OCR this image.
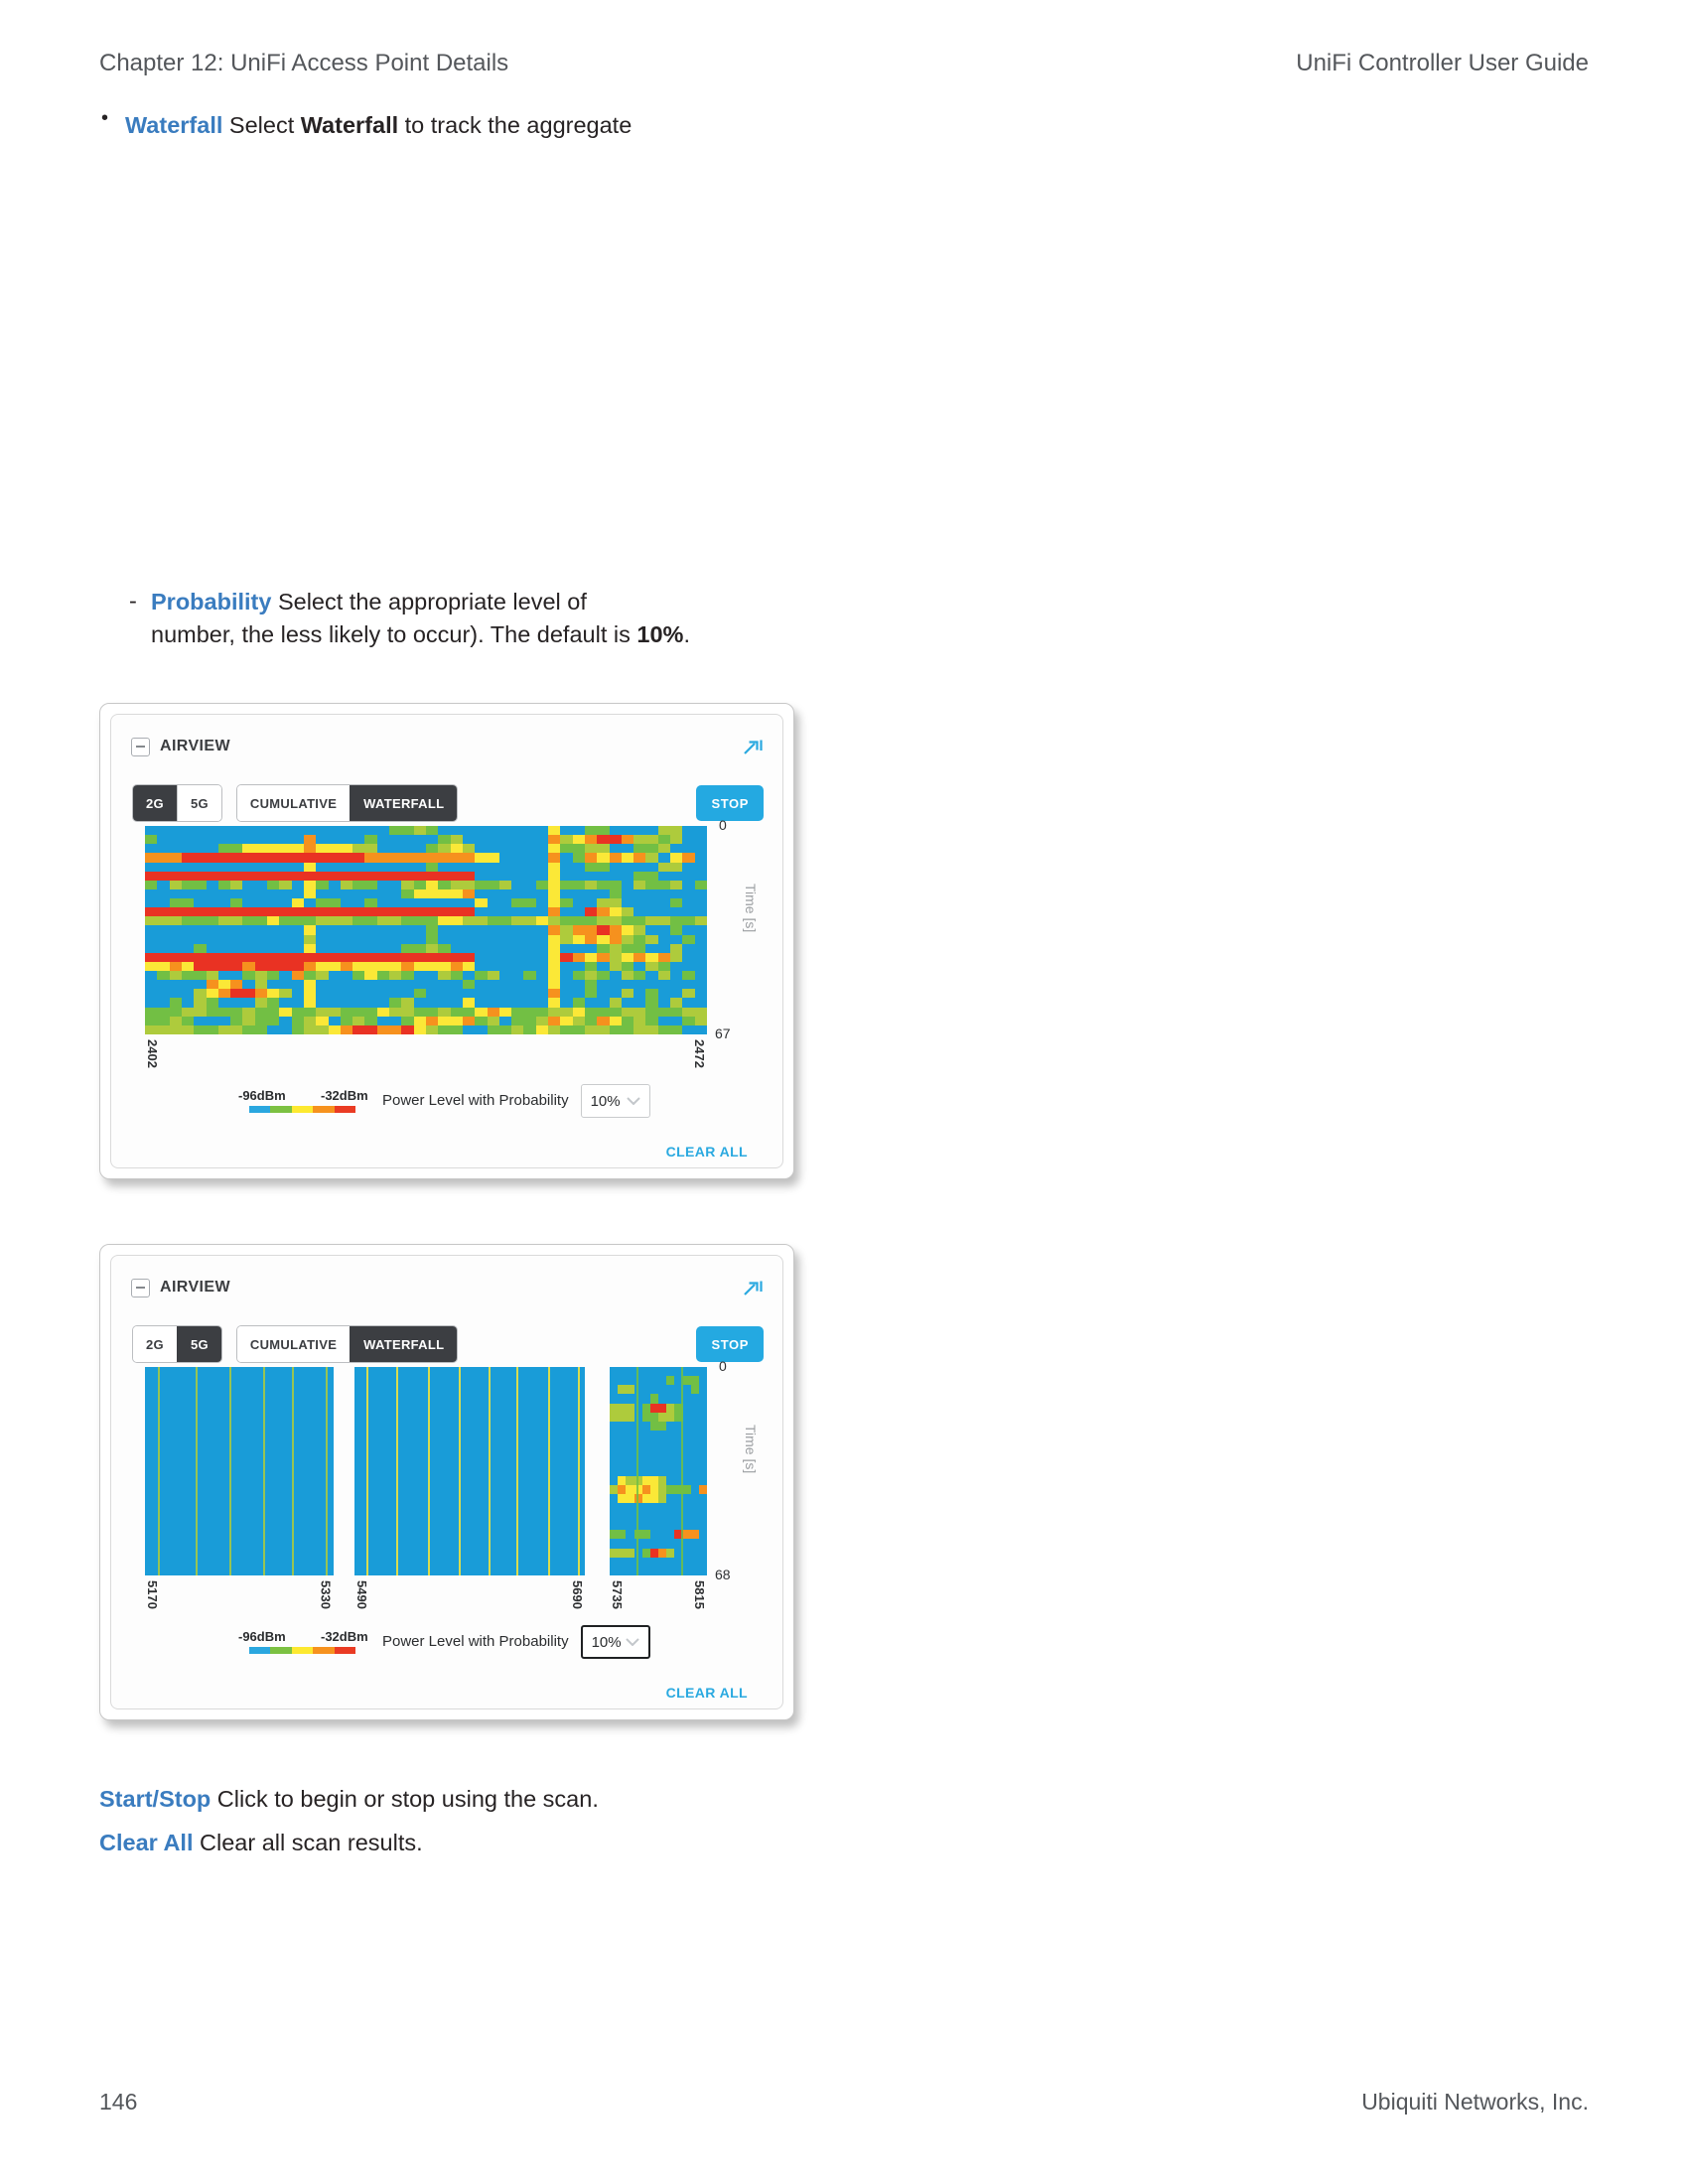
Chapter 12: UniFi Access Point Details	UniFi Controller User Guide
• Waterfall Select Waterfall to track the aggregate
- Probability Select the appropriate level of
number, the less likely to occur). The default is 10%.
AIRVIEW
2G	5G	CUMULATIVE	WATERFALL	STOP
0
67
Time [s]
2402	2472
-96dBm	-32dBm Power Level with Probability 10%
CLEAR ALL
AIRVIEW
2G	5G	CUMULATIVE	WATERFALL	STOP
0
68
Time [s]
5170	5330 5490	5690 5735	5815
-96dBm	-32dBm Power Level with Probability 10%
CLEAR ALL
Start/Stop Click to begin or stop using the scan.
Clear All Clear all scan results.
146	Ubiquiti Networks, Inc.
